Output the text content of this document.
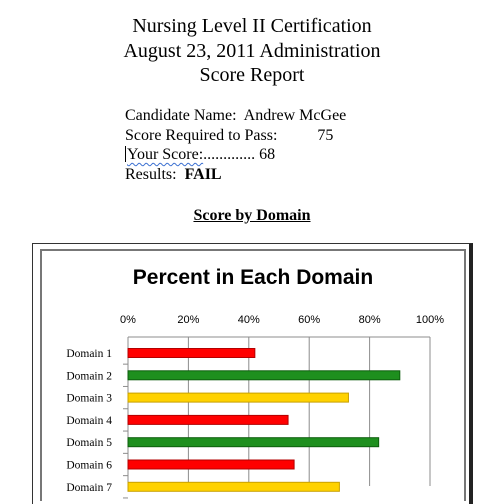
Nursing Level II Certification
August 23, 2011 Administration
Score Report
Candidate Name: Andrew McGee
Score Required to Pass:	75
Your Score:............. 68
Results: FAIL
Score by Domain
Percent in Each Domain
0%	20%	40%	60%	80%	100%
Domain 1
Domain 2
Domain 3
Domain 4
Domain 5
Domain 6
Domain 7
